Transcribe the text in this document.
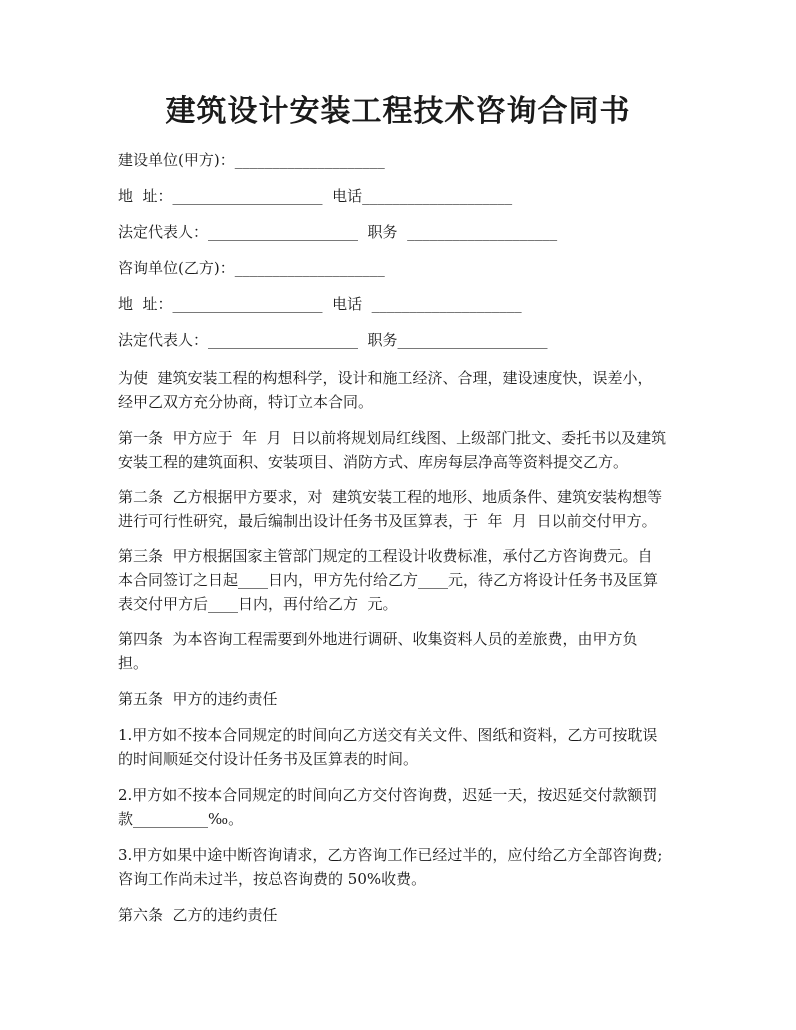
建筑设计安装工程技术咨询合同书
建设单位(甲方)：____________________
地  址：____________________  电话____________________
法定代表人：____________________  职务  ____________________
咨询单位(乙方)：____________________
地  址：____________________  电话  ____________________
法定代表人：____________________  职务____________________
为使  建筑安装工程的构想科学，设计和施工经济、合理，建设速度快，误差小，
经甲乙双方充分协商，特订立本合同。
第一条  甲方应于  年  月  日以前将规划局红线图、上级部门批文、委托书以及建筑
安装工程的建筑面积、安装项目、消防方式、库房每层净高等资料提交乙方。
第二条  乙方根据甲方要求，对  建筑安装工程的地形、地质条件、建筑安装构想等
进行可行性研究，最后编制出设计任务书及匡算表，于  年  月  日以前交付甲方。
第三条  甲方根据国家主管部门规定的工程设计收费标准，承付乙方咨询费元。自
本合同签订之日起____日内，甲方先付给乙方____元，待乙方将设计任务书及匡算
表交付甲方后____日内，再付给乙方  元。
第四条  为本咨询工程需要到外地进行调研、收集资料人员的差旅费，由甲方负
担。
第五条  甲方的违约责任
1.甲方如不按本合同规定的时间向乙方送交有关文件、图纸和资料，乙方可按耽误
的时间顺延交付设计任务书及匡算表的时间。
2.甲方如不按本合同规定的时间向乙方交付咨询费，迟延一天，按迟延交付款额罚
款__________‰。
3.甲方如果中途中断咨询请求，乙方咨询工作已经过半的，应付给乙方全部咨询费;
咨询工作尚未过半，按总咨询费的 50%收费。
第六条  乙方的违约责任
